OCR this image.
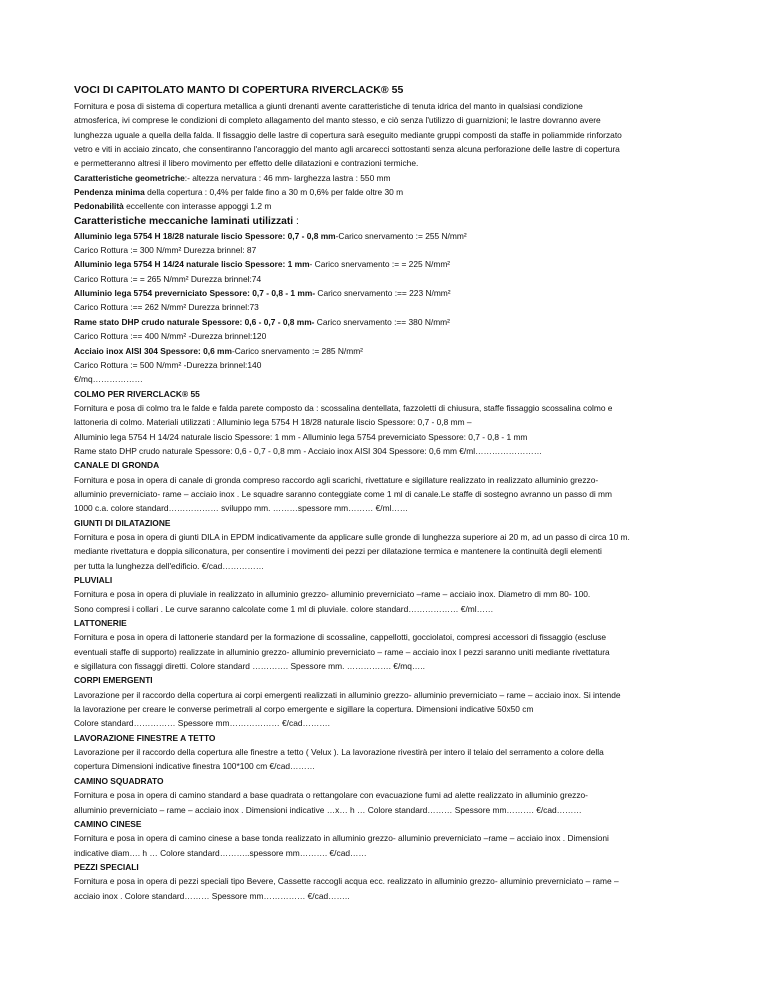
VOCI DI CAPITOLATO MANTO DI COPERTURA RIVERCLACK® 55
Fornitura e posa di sistema di copertura metallica a giunti drenanti avente caratteristiche di tenuta idrica del manto in qualsiasi condizione
atmosferica, ivi comprese le condizioni di completo allagamento del manto stesso, e ciò senza l'utilizzo di guarnizioni; le lastre dovranno avere
lunghezza uguale a quella della falda. Il fissaggio delle lastre di copertura sarà eseguito mediante gruppi composti da staffe in poliammide rinforzato
vetro e viti in acciaio zincato, che consentiranno l'ancoraggio del manto agli arcarecci sottostanti senza alcuna perforazione delle lastre di copertura
e permetteranno altresi il libero movimento per effetto delle dilatazioni e contrazioni termiche.
Caratteristiche geometriche:- altezza nervatura : 46 mm- larghezza lastra : 550 mm
Pendenza minima della copertura : 0,4% per falde fino a 30 m 0,6% per falde oltre 30 m
Pedonabilità eccellente con interasse appoggi 1.2 m
Caratteristiche meccaniche laminati utilizzati :
Alluminio lega 5754 H 18/28 naturale liscio Spessore: 0,7 - 0,8 mm-Carico snervamento := 255 N/mm²
Carico Rottura := 300 N/mm² Durezza brinnel: 87
Alluminio lega 5754 H 14/24 naturale liscio Spessore: 1 mm- Carico snervamento := = 225 N/mm²
Carico Rottura := = 265 N/mm² Durezza brinnel:74
Alluminio lega 5754 preverniciato Spessore: 0,7 - 0,8 - 1 mm- Carico snervamento :== 223 N/mm²
Carico Rottura :== 262 N/mm² Durezza brinnel:73
Rame stato DHP crudo naturale Spessore: 0,6 - 0,7 - 0,8 mm- Carico snervamento :== 380 N/mm²
Carico Rottura :== 400 N/mm² -Durezza brinnel:120
Acciaio inox AISI 304 Spessore: 0,6 mm-Carico snervamento := 285 N/mm²
Carico Rottura := 500 N/mm² -Durezza brinnel:140
€/mq………………
COLMO PER RIVERCLACK® 55
Fornitura e posa di colmo tra le falde e falda parete composto da : scossalina dentellata, fazzoletti di chiusura, staffe fissaggio scossalina colmo e
lattoneria di colmo. Materiali utilizzati : Alluminio lega 5754 H 18/28 naturale liscio Spessore: 0,7 - 0,8 mm –
Alluminio lega 5754 H 14/24 naturale liscio Spessore: 1 mm - Alluminio lega 5754 preverniciato Spessore: 0,7 - 0,8 - 1 mm
Rame stato DHP crudo naturale Spessore: 0,6 - 0,7 - 0,8 mm - Acciaio inox AISI 304 Spessore: 0,6 mm €/ml……………………
CANALE DI GRONDA
Fornitura e posa in opera di canale di gronda compreso raccordo agli scarichi, rivettature e sigillature realizzato in realizzato alluminio grezzo-
alluminio preverniciato- rame – acciaio inox . Le squadre saranno conteggiate come 1 ml di canale.Le staffe di sostegno avranno un passo di mm
1000 c.a. colore standard……………… sviluppo mm. ………spessore mm……… €/ml……
GIUNTI DI DILATAZIONE
Fornitura e posa in opera di giunti DILA in EPDM indicativamente da applicare sulle gronde di lunghezza superiore ai 20 m, ad un passo di circa 10 m.
mediante rivettatura e doppia siliconatura, per consentire i movimenti dei pezzi per dilatazione termica e mantenere la continuità degli elementi
per tutta la lunghezza dell'edificio. €/cad……………
PLUVIALI
Fornitura e posa in opera di pluviale in realizzato in alluminio grezzo- alluminio preverniciato –rame – acciaio inox. Diametro di mm 80- 100.
Sono compresi i collari . Le curve saranno calcolate come 1 ml di pluviale. colore standard……………… €/ml……
LATTONERIE
Fornitura e posa in opera di lattonerie standard per la formazione di scossaline, cappellotti, gocciolatoi, compresi accessori di fissaggio (escluse
eventuali staffe di supporto) realizzate in alluminio grezzo- alluminio preverniciato – rame – acciaio inox I pezzi saranno uniti mediante rivettatura
e sigillatura con fissaggi diretti. Colore standard …………. Spessore mm. ……………. €/mq…..
CORPI EMERGENTI
Lavorazione per il raccordo della copertura ai corpi emergenti realizzati in alluminio grezzo- alluminio preverniciato – rame – acciaio inox. Si intende
la lavorazione per creare le converse perimetrali al corpo emergente e sigillare la copertura. Dimensioni indicative 50x50 cm
Colore standard…………… Spessore mm……………… €/cad……….
LAVORAZIONE FINESTRE A TETTO
Lavorazione per il raccordo della copertura alle finestre a tetto ( Velux ). La lavorazione rivestirà per intero il telaio del serramento a colore della
copertura Dimensioni indicative finestra 100*100 cm €/cad………
CAMINO SQUADRATO
Fornitura e posa in opera di camino standard a base quadrata o rettangolare con evacuazione fumi ad alette realizzato in alluminio grezzo-
alluminio preverniciato – rame – acciaio inox . Dimensioni indicative …x… h … Colore standard……… Spessore mm………. €/cad………
CAMINO CINESE
Fornitura e posa in opera di camino cinese a base tonda realizzato in alluminio grezzo- alluminio preverniciato –rame – acciaio inox . Dimensioni
indicative diam…. h … Colore standard………..spessore mm………. €/cad……
PEZZI SPECIALI
Fornitura e posa in opera di pezzi speciali tipo Bevere, Cassette raccogli acqua ecc. realizzato in alluminio grezzo- alluminio preverniciato – rame –
acciaio inox . Colore standard……… Spessore mm…………… €/cad……..
